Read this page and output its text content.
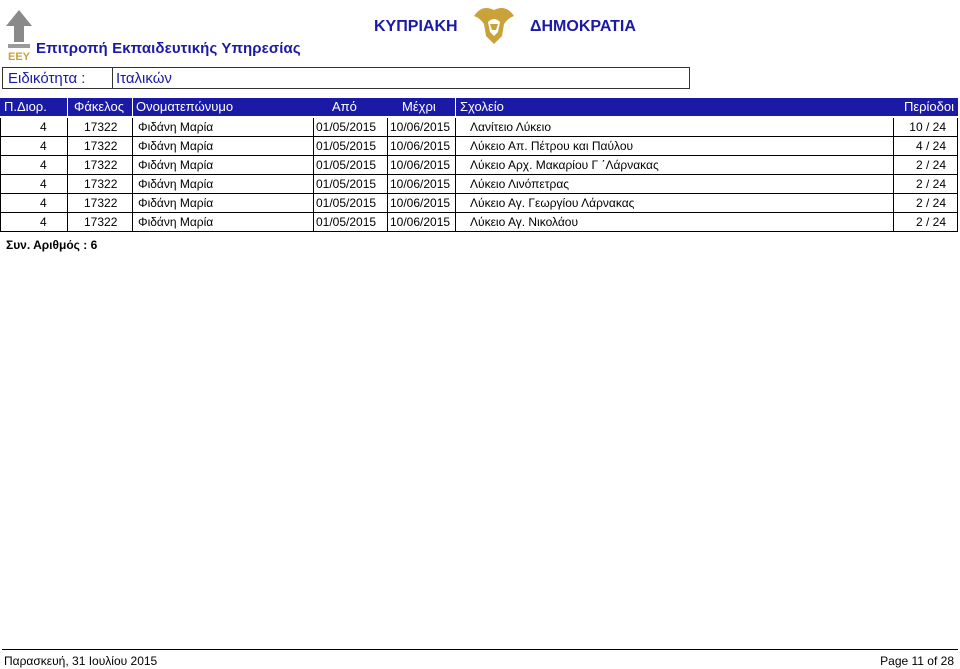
ΕΕΥ Επιτροπή Εκπαιδευτικής Υπηρεσίας
ΚΥΠΡΙΑΚΗ	ΔΗΜΟΚΡΑΤΙΑ
Ειδικότητα : Ιταλικών
Π.Διορ. Φάκελος Ονοματεπώνυμο	Από	Μέχρι Σχολείο	Περίοδοι
4	17322 Φιδάνη Μαρία	01/05/2015 10/06/2015 Λανίτειο Λύκειο	10 / 24
4	17322 Φιδάνη Μαρία	01/05/2015 10/06/2015 Λύκειο Απ. Πέτρου και Παύλου	4 / 24
4	17322 Φιδάνη Μαρία	01/05/2015 10/06/2015 Λύκειο Αρχ. Μακαρίου Γ ΄Λάρνακας	2 / 24
4	17322 Φιδάνη Μαρία	01/05/2015 10/06/2015 Λύκειο Λινόπετρας	2 / 24
4	17322 Φιδάνη Μαρία	01/05/2015 10/06/2015 Λύκειο Αγ. Γεωργίου Λάρνακας	2 / 24
4	17322 Φιδάνη Μαρία	01/05/2015 10/06/2015 Λύκειο Αγ. Νικολάου	2 / 24
Συν. Αριθμός : 6
Παρασκευή, 31 Ιουλίου 2015	Page 11 of 28
